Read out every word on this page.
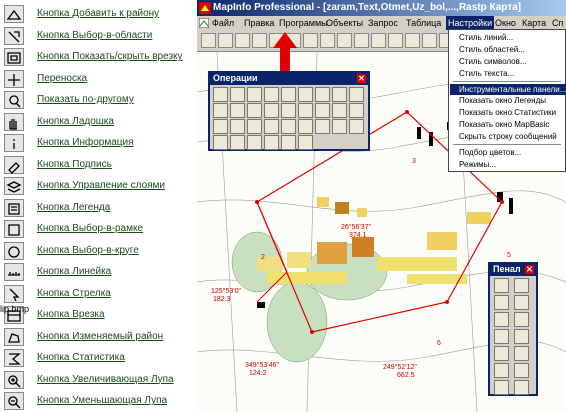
Кнопка Добавить к району
Кнопка Выбор-в-области
Кнопка Показать/скрыть врезку
Переноска
Показать по-другому
Кнопка Ладошка
Кнопка Информация
Кнопка Подпись
Кнопка Управление слоями
Кнопка Легенда
Кнопка Выбор-в-рамке
Кнопка Выбор-в-круге
Кнопка Линейка
Кнопка Стрелка
Кнопка Врезка
Кнопка Изменяемый район
Кнопка Статистика
Кнопка Увеличивающая Лупа
Кнопка Уменьшающая Лупа
lip.bmp
MapInfo Professional - [zaram,Text,Otmet,Uz_bol,...,Rastp Карта]
Файл Правка Программы
Объекты Запрос Таблица Настройки Окно Карта Сп
2
3
5
6
26°56'37"
374.1
125°53'0"
182.3
249°52'12"
662.5
349°53'46"
124.2
Операции	✕
Стиль линий...
Стиль областей...
Стиль символов...
Стиль текста...
Инструментальные панели...
Показать окно Легенды
Показать окно Статистики
Показать окно MapBasic
Скрыть строку сообщений
Подбор цветов...
Режимы...
Пенал ✕
